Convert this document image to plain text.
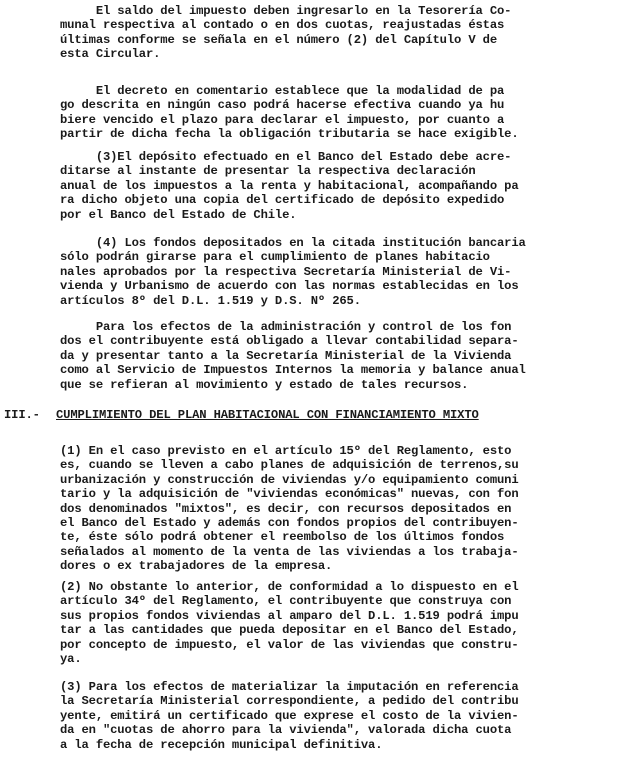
El saldo del impuesto deben ingresarlo en la Tesorería Co-
munal respectiva al contado o en dos cuotas, reajustadas éstas
últimas conforme se señala en el número (2) del Capítulo V de
esta Circular.
El decreto en comentario establece que la modalidad de pa
go descrita en ningún caso podrá hacerse efectiva cuando ya hu
biere vencido el plazo para declarar el impuesto, por cuanto a
partir de dicha fecha la obligación tributaria se hace exigible.
(3)El depósito efectuado en el Banco del Estado debe acre-
ditarse al instante de presentar la respectiva declaración
anual de los impuestos a la renta y habitacional, acompañando pa
ra dicho objeto una copia del certificado de depósito expedido
por el Banco del Estado de Chile.
(4) Los fondos depositados en la citada institución bancaria
sólo podrán girarse para el cumplimiento de planes habitacio
nales aprobados por la respectiva Secretaría Ministerial de Vi-
vienda y Urbanismo de acuerdo con las normas establecidas en los
artículos 8º del D.L. 1.519 y D.S. Nº 265.
Para los efectos de la administración y control de los fon
dos el contribuyente está obligado a llevar contabilidad separa-
da y presentar tanto a la Secretaría Ministerial de la Vivienda
como al Servicio de Impuestos Internos la memoria y balance anual
que se refieran al movimiento y estado de tales recursos.
III.- CUMPLIMIENTO DEL PLAN HABITACIONAL CON FINANCIAMIENTO MIXTO
(1) En el caso previsto en el artículo 15º del Reglamento, esto
es, cuando se lleven a cabo planes de adquisición de terrenos,su
urbanización y construcción de viviendas y/o equipamiento comuni
tario y la adquisición de "viviendas económicas" nuevas, con fon
dos denominados "mixtos", es decir, con recursos depositados en
el Banco del Estado y además con fondos propios del contribuyen-
te, éste sólo podrá obtener el reembolso de los últimos fondos
señalados al momento de la venta de las viviendas a los trabaja-
dores o ex trabajadores de la empresa.
(2) No obstante lo anterior, de conformidad a lo dispuesto en el
artículo 34º del Reglamento, el contribuyente que construya con
sus propios fondos viviendas al amparo del D.L. 1.519 podrá impu
tar a las cantidades que pueda depositar en el Banco del Estado,
por concepto de impuesto, el valor de las viviendas que constru-
ya.
(3) Para los efectos de materializar la imputación en referencia
la Secretaría Ministerial correspondiente, a pedido del contribu
yente, emitirá un certificado que exprese el costo de la vivien-
da en "cuotas de ahorro para la vivienda", valorada dicha cuota
a la fecha de recepción municipal definitiva.
